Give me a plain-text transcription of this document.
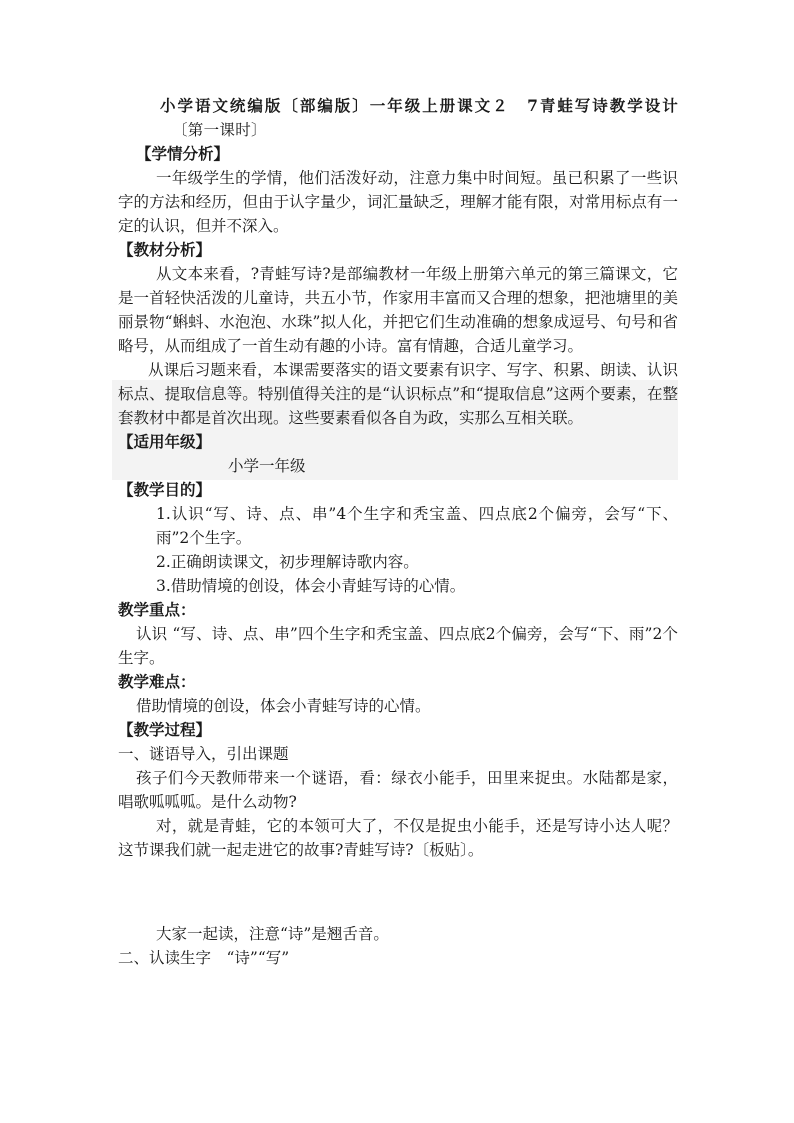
小学语文统编版〔部编版〕一年级上册课文２　7青蛙写诗教学设计〔第一课时〕
【学情分析】
一年级学生的学情，他们活泼好动，注意力集中时间短。虽已积累了一些识字的方法和经历，但由于认字量少，词汇量缺乏，理解才能有限，对常用标点有一定的认识，但并不深入。
【教材分析】
从文本来看，?青蛙写诗?是部编教材一年级上册第六单元的第三篇课文，它是一首轻快活泼的儿童诗，共五小节，作家用丰富而又合理的想象，把池塘里的美丽景物“蝌蚪、水泡泡、水珠”拟人化，并把它们生动准确的想象成逗号、句号和省略号，从而组成了一首生动有趣的小诗。富有情趣，合适儿童学习。
从课后习题来看，本课需要落实的语文要素有识字、写字、积累、朗读、认识标点、提取信息等。特别值得关注的是“认识标点”和“提取信息”这两个要素，在整套教材中都是首次出现。这些要素看似各自为政，实那么互相关联。
【适用年级】
小学一年级
【教学目的】
1.认识“写、诗、点、串”4个生字和秃宝盖、四点底2个偏旁，会写“下、雨”2个生字。
2.正确朗读课文，初步理解诗歌内容。
3.借助情境的创设，体会小青蛙写诗的心情。
教学重点：
认识 “写、诗、点、串”四个生字和秃宝盖、四点底2个偏旁，会写“下、雨”2个生字。
教学难点：
借助情境的创设，体会小青蛙写诗的心情。
【教学过程】
一、谜语导入，引出课题
孩子们今天教师带来一个谜语，看：绿衣小能手，田里来捉虫。水陆都是家，唱歌呱呱呱。是什么动物?
对，就是青蛙，它的本领可大了，不仅是捉虫小能手，还是写诗小达人呢？这节课我们就一起走进它的故事?青蛙写诗?〔板贴〕。
大家一起读，注意“诗”是翘舌音。
二、认读生字　“诗”“写”
